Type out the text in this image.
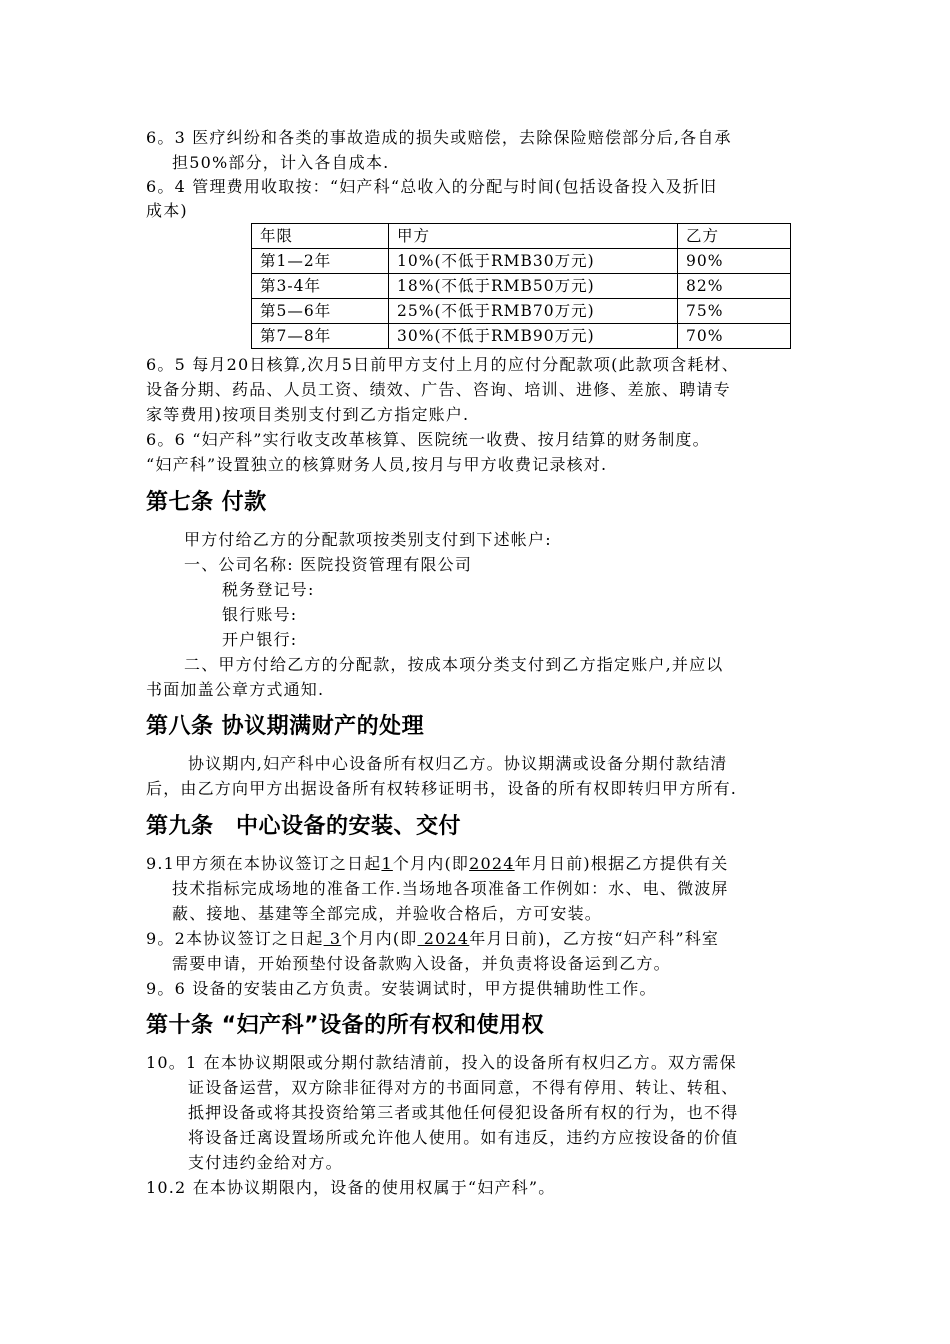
6。3 医疗纠纷和各类的事故造成的损失或赔偿，去除保险赔偿部分后,各自承
担50%部分，计入各自成本.
6。4 管理费用收取按：“妇产科“总收入的分配与时间(包括设备投入及折旧
成本)
年限	甲方	乙方
第1—2年	10%(不低于RMB30万元)	90%
第3-4年	18%(不低于RMB50万元)	82%
第5—6年	25%(不低于RMB70万元)	75%
第7—8年	30%(不低于RMB90万元)	70%
6。5 每月20日核算,次月5日前甲方支付上月的应付分配款项(此款项含耗材、
设备分期、药品、人员工资、绩效、广告、咨询、培训、进修、差旅、聘请专
家等费用)按项目类别支付到乙方指定账户.
6。6 “妇产科”实行收支改革核算、医院统一收费、按月结算的财务制度。
“妇产科”设置独立的核算财务人员,按月与甲方收费记录核对.
第七条 付款
甲方付给乙方的分配款项按类别支付到下述帐户:
一、公司名称: 医院投资管理有限公司
税务登记号:
银行账号:
开户银行:
二、甲方付给乙方的分配款，按成本项分类支付到乙方指定账户,并应以
书面加盖公章方式通知.
第八条 协议期满财产的处理
协议期内,妇产科中心设备所有权归乙方。协议期满或设备分期付款结清
后，由乙方向甲方出据设备所有权转移证明书，设备的所有权即转归甲方所有.
第九条　中心设备的安装、交付
9.1甲方须在本协议签订之日起1个月内(即2024年月日前)根据乙方提供有关
技术指标完成场地的准备工作.当场地各项准备工作例如：水、电、微波屏
蔽、接地、基建等全部完成，并验收合格后，方可安装。
9。2本协议签订之日起 3个月内(即 2024年月日前)，乙方按“妇产科”科室
需要申请，开始预垫付设备款购入设备，并负责将设备运到乙方。
9。6 设备的安装由乙方负责。安装调试时，甲方提供辅助性工作。
第十条 “妇产科”设备的所有权和使用权
10。1 在本协议期限或分期付款结清前，投入的设备所有权归乙方。双方需保
证设备运营，双方除非征得对方的书面同意，不得有停用、转让、转租、
抵押设备或将其投资给第三者或其他任何侵犯设备所有权的行为，也不得
将设备迁离设置场所或允许他人使用。如有违反，违约方应按设备的价值
支付违约金给对方。
10.2 在本协议期限内，设备的使用权属于“妇产科”。
